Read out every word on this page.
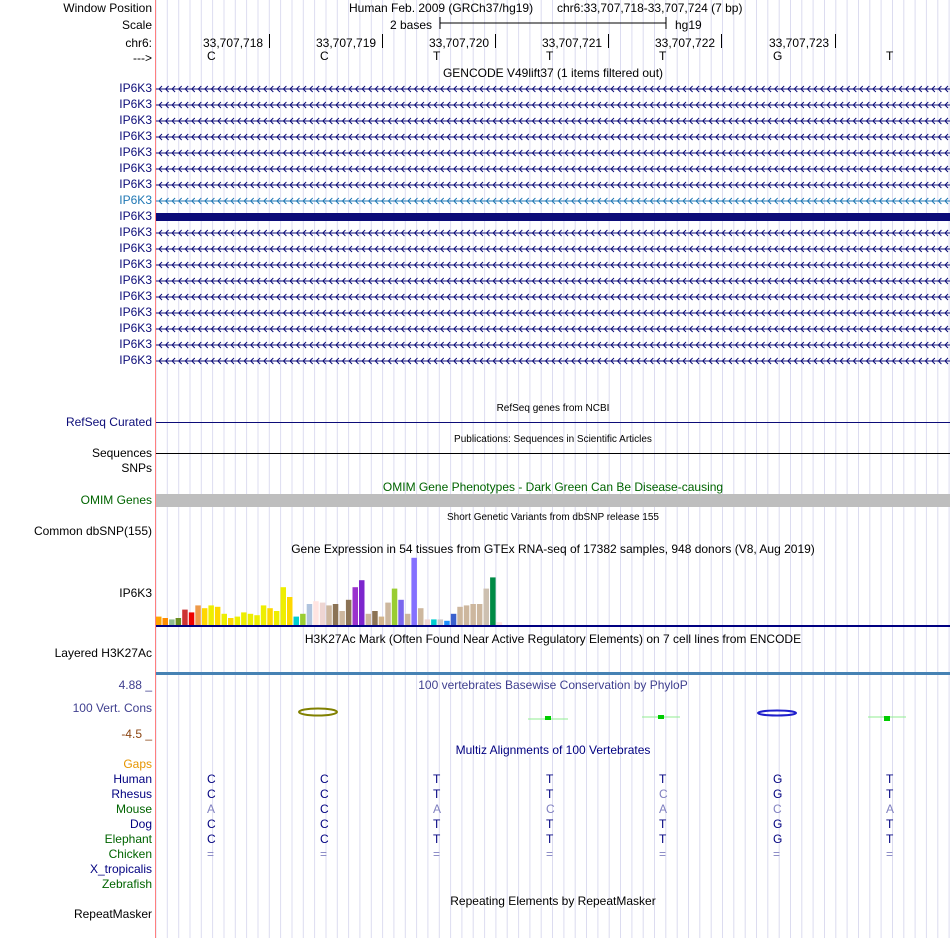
Window Position
Scale
chr6:
--->
IP6K3
IP6K3
IP6K3
IP6K3
IP6K3
IP6K3
IP6K3
IP6K3
IP6K3
IP6K3
IP6K3
IP6K3
IP6K3
IP6K3
IP6K3
IP6K3
IP6K3
IP6K3
RefSeq Curated
Sequences
SNPs
OMIM Genes
Common dbSNP(155)
IP6K3
Layered H3K27Ac
4.88 _
100 Vert. Cons
-4.5 _
Gaps
Human
Rhesus
Mouse
Dog
Elephant
Chicken
X_tropicalis
Zebrafish
RepeatMasker
Human Feb. 2009 (GRCh37/hg19) chr6:33,707,718-33,707,724 (7 bp)
2 bases	hg19
33,707,718	33,707,719	33,707,720	33,707,721	33,707,722	33,707,723
C	C	T	T	T	G	T
GENCODE V49lift37 (1 items filtered out)
RefSeq genes from NCBI
Publications: Sequences in Scientific Articles
OMIM Gene Phenotypes - Dark Green Can Be Disease-causing
Short Genetic Variants from dbSNP release 155
Gene Expression in 54 tissues from GTEx RNA-seq of 17382 samples, 948 donors (V8, Aug 2019)
H3K27Ac Mark (Often Found Near Active Regulatory Elements) on 7 cell lines from ENCODE
100 vertebrates Basewise Conservation by PhyloP
Multiz Alignments of 100 Vertebrates
C	C	T	T	T	G	T
C	C	T	T	C	G	T
A	C	A	C	A	C	A
C	C	T	T	T	G	T
C	C	T	T	T	G	T
=	=	=	=	=	=	=
Repeating Elements by RepeatMasker
